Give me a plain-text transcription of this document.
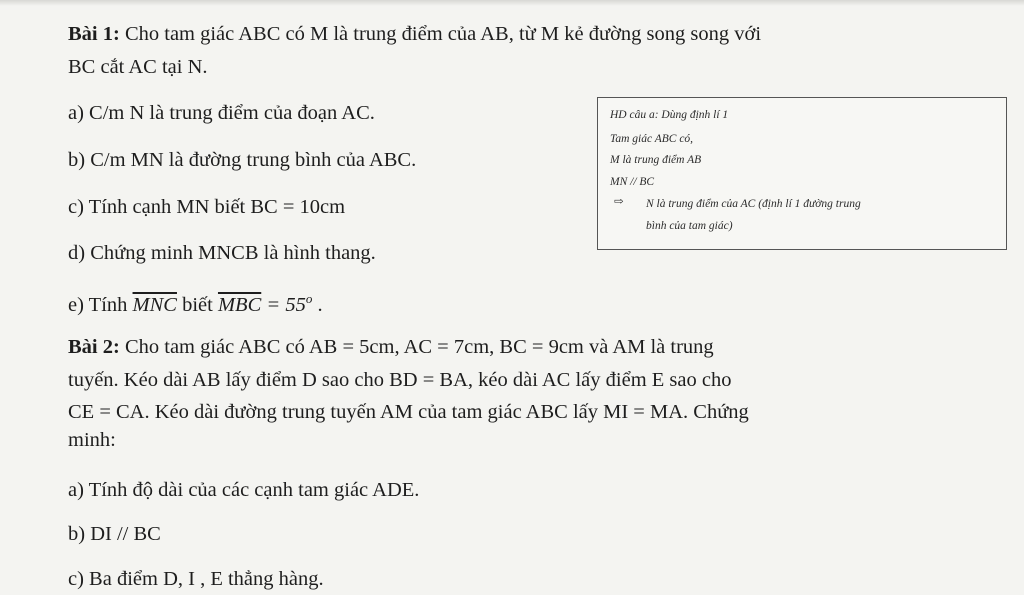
Bài 1: Cho tam giác ABC có M là trung điểm của AB, từ M kẻ đường song song với
BC cắt AC tại N.
a) C/m N là trung điểm của đoạn AC.
b) C/m MN là đường trung bình của ABC.
c) Tính cạnh MN biết BC = 10cm
d) Chứng minh MNCB là hình thang.
e) Tính $\overline{MNC}$ biết $\overline{MBC} = 55^o$ .
HD câu a: Dùng định lí 1
Tam giác ABC có,
M là trung điểm AB
MN // BC
⇨ N là trung điểm của AC (định lí 1 đường trung
bình của tam giác)
Bài 2: Cho tam giác ABC có AB = 5cm, AC = 7cm, BC = 9cm và AM là trung
tuyến. Kéo dài AB lấy điểm D sao cho BD = BA, kéo dài AC lấy điểm E sao cho
CE = CA. Kéo dài đường trung tuyến AM của tam giác ABC lấy MI = MA. Chứng
minh:
a) Tính độ dài của các cạnh tam giác ADE.
b) DI // BC
c) Ba điểm D, I , E thẳng hàng.
